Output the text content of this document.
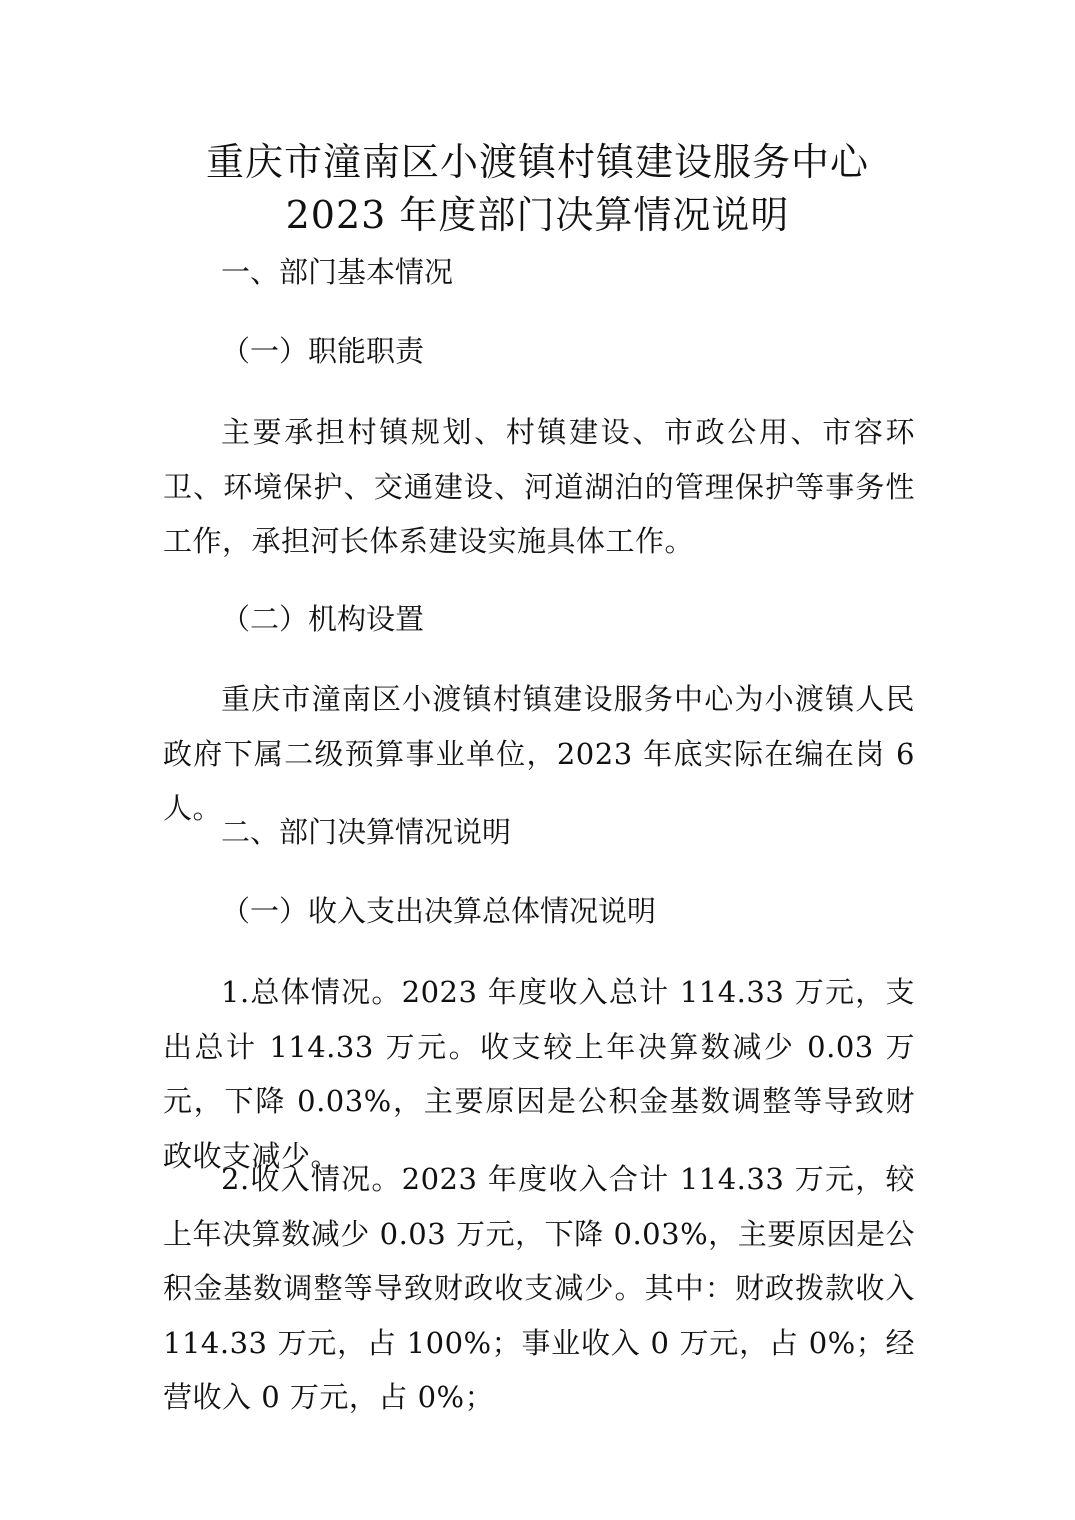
重庆市潼南区小渡镇村镇建设服务中心
2023 年度部门决算情况说明
一、部门基本情况
（一）职能职责

主要承担村镇规划、村镇建设、市政公用、市容环卫、环境保护、交通建设、河道湖泊的管理保护等事务性工作，承担河长体系建设实施具体工作。

（二）机构设置

重庆市潼南区小渡镇村镇建设服务中心为小渡镇人民政府下属二级预算事业单位，2023 年底实际在编在岗 6 人。

二、部门决算情况说明
（一）收入支出决算总体情况说明

1.总体情况。2023 年度收入总计 114.33 万元，支出总计 114.33 万元。收支较上年决算数减少 0.03 万元，下降 0.03%，主要原因是公积金基数调整等导致财政收支减少。

2.收入情况。2023 年度收入合计 114.33 万元，较上年决算数减少 0.03 万元，下降 0.03%，主要原因是公积金基数调整等导致财政收支减少。其中：财政拨款收入 114.33 万元，占 100%；事业收入 0 万元，占 0%；经营收入 0 万元，占 0%；
